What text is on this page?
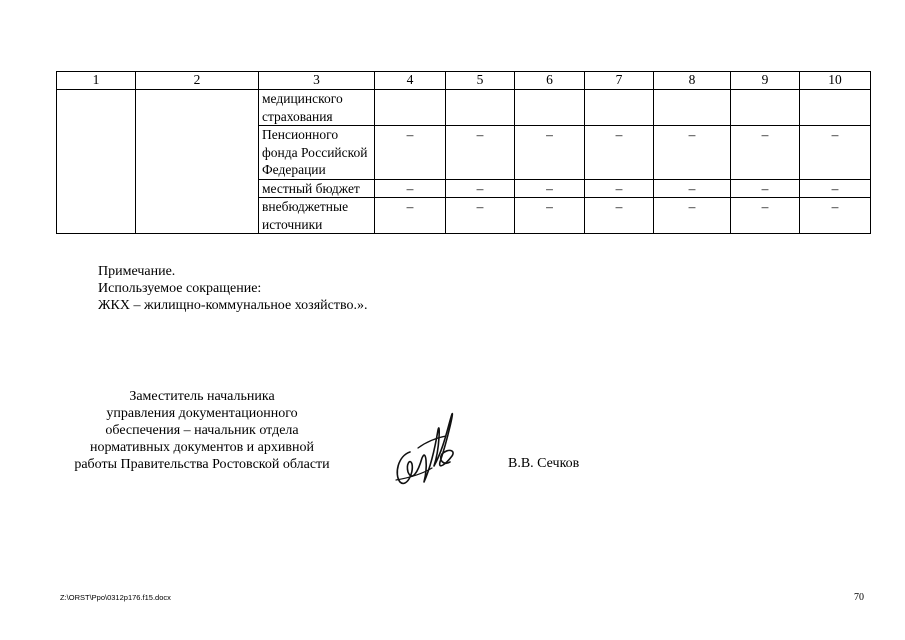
1	2	3	4	5	6	7	8	9	10
		медицинского страхования							
		Пенсионного фонда Российской Федерации	–	–	–	–	–	–	–
		местный бюджет	–	–	–	–	–	–	–
		внебюджетные источники	–	–	–	–	–	–	–
Примечание.
Используемое сокращение:
ЖКХ – жилищно-коммунальное хозяйство.».
Заместитель начальника
управления документационного
обеспечения – начальник отдела
нормативных документов и архивной
работы Правительства Ростовской области	В.В. Сечков
Z:\ORST\Ppo\0312p176.f15.docx	70
